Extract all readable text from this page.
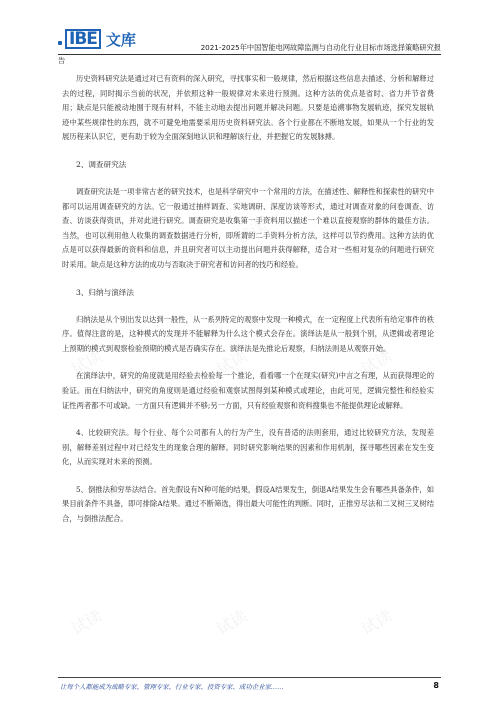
试读	试读	试读
试读	试读	试读
试读	试读	试读
试读	试读	试读
试读	试读	试读
IBE 文库	2021-2025年中国智能电网故障监测与自动化行业目标市场选择策略研究报
告

历史资料研究法是通过对已有资料的深入研究，寻找事实和一般规律，然后根据这些信息去描述、分析和解释过去的过程，同时揭示当前的状况，并依照这种一般规律对未来进行预测。这种方法的优点是省时、省力并节省费用；缺点是只能被动地囿于现有材料，不能主动地去提出问题并解决问题。只要是追溯事物发展轨迹，探究发展轨迹中某些规律性的东西，就不可避免地需要采用历史资料研究法。各个行业都在不断地发展，如果从一个行业的发展历程来认识它，更有助于较为全面深刻地认识和理解该行业，并把握它的发展脉搏。

2、调查研究法

调查研究法是一项非常古老的研究技术，也是科学研究中一个常用的方法，在描述性、解释性和探索性的研究中都可以运用调查研究的方法。它一般通过抽样调查、实地调研、深度访谈等形式，通过对调查对象的问卷调查、访查、访谈获得资讯，并对此进行研究。调查研究是收集第一手资料用以描述一个难以直接观察的群体的最佳方法。当然，也可以利用他人收集的调查数据进行分析，即所谓的二手资料分析方法，这样可以节约费用。这种方法的优点是可以获得最新的资料和信息，并且研究者可以主动提出问题并获得解释，适合对一些相对复杂的问题进行研究时采用。缺点是这种方法的成功与否取决于研究者和访问者的技巧和经验。

3、归纳与演绎法

归纳法是从个别出发以达到一般性，从一系列特定的观察中发现一种模式，在一定程度上代表所有给定事件的秩序。值得注意的是，这种模式的发现并不能解释为什么这个模式会存在。演绎法是从一般到个别，从逻辑或者理论上预期的模式到观察检验预期的模式是否确实存在。演绎法是先推论后观察，归纳法则是从观察开始。

在演绎法中，研究的角度就是用经验去检验每一个推论，看看哪一个在现实(研究)中言之有理，从而获得理论的验证。而在归纳法中，研究的角度则是通过经验和观察试图得到某种模式或理论，由此可见，逻辑完整性和经验实证性两者都不可或缺。一方面只有逻辑并不够;另一方面，只有经验观察和资料搜集也不能提供理论或解释。

4、比较研究法。每个行业、每个公司都有人的行为产生，没有普适的法则套用，通过比较研究方法，发现差别，解释差别过程中对已经发生的现象合理的解释。同时研究影响结果的因素和作用机制，探寻哪些因素在发生变化，从而实现对未来的预测。

5、倒推法和穷举法结合。首先假设有N种可能的结果，假设A结果发生，倒退A结果发生会有哪些具备条件，如果目前条件不具备，即可排除A结果。通过不断筛选，得出最大可能性的判断。同时，正推穷尽法和二叉树三叉树结合，与倒推法配合。

让每个人都能成为战略专家、管理专家、行业专家、投资专家、成功企业家……	8
